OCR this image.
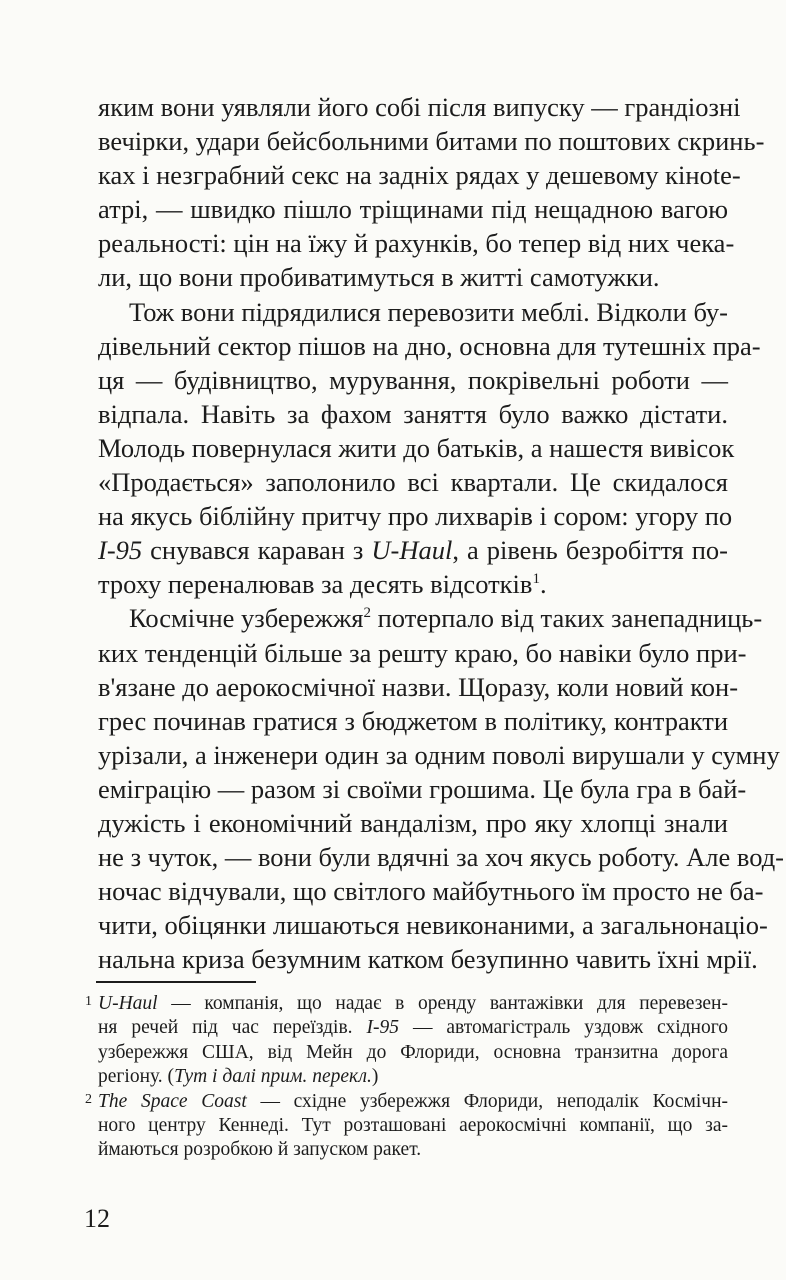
яким вони уявляли його собі після випуску — грандіозні
вечірки, удари бейсбольними битами по поштових скринь-
ках і незграбний секс на задніх рядах у дешевому кінote-
атрі, — швидко пішло тріщинами під нещадною вагою
реальності: цін на їжу й рахунків, бо тепер від них чека-
ли, що вони пробиватимуться в житті самотужки.
Тож вони підрядилися перевозити меблі. Відколи бу-
дівельний сектор пішов на дно, основна для тутешніх пра-
ця — будівництво, мурування, покрівельні роботи —
відпала. Навіть за фахом заняття було важко дістати.
Молодь повернулася жити до батьків, а нашестя вивісок
«Продається» заполонило всі квартали. Це скидалося
на якусь біблійну притчу про лихварів і сором: угору по
I-95 снувався караван з U-Haul, а рівень безробіття по-
троху переналював за десять відсотків$^1$.
Космічне узбережжя$^2$ потерпало від таких занепадниць-
ких тенденцій більше за решту краю, бо навіки було при-
в'язане до аерокосмічної назви. Щоразу, коли новий кон-
грес починав гратися з бюджетом в політику, контракти
урізали, а інженери один за одним поволі вирушали у сумну
еміграцію — разом зі своїми грошима. Це була гра в бай-
дужість і економічний вандалізм, про яку хлопці знали
не з чуток, — вони були вдячні за хоч якусь роботу. Але вод-
ночас відчували, що світлого майбутнього їм просто не ба-
чити, обіцянки лишаються невиконаними, а загальнонаціо-
нальна криза безумним катком безупинно чавить їхні мрії.
1 U-Haul — компанія, що надає в оренду вантажівки для перевезен-
ня речей під час переїздів. I-95 — автомагістраль уздовж східного
узбережжя США, від Мейн до Флориди, основна транзитна дорога
регіону. (Тут і далі прим. перекл.)
2 The Space Coast — східне узбережжя Флориди, неподалік Космічн-
ного центру Кеннеді. Тут розташовані аерокосмічні компанії, що за-
ймаються розробкою й запуском ракет.
12
